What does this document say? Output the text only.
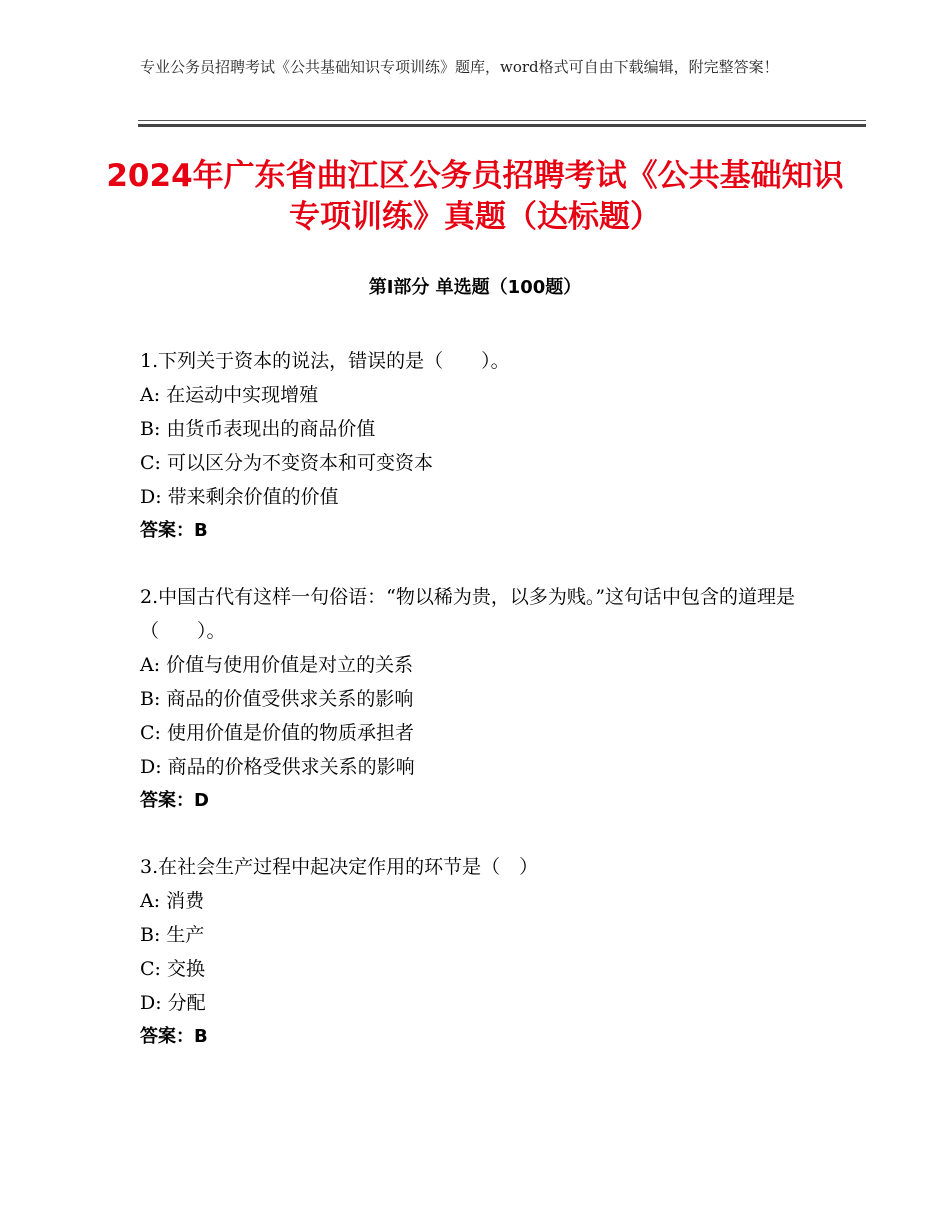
专业公务员招聘考试《公共基础知识专项训练》题库，word格式可自由下载编辑，附完整答案！
2024年广东省曲江区公务员招聘考试《公共基础知识专项训练》真题（达标题）
第Ⅰ部分 单选题（100题）
1.下列关于资本的说法，错误的是（　　）。
A: 在运动中实现增殖
B: 由货币表现出的商品价值
C: 可以区分为不变资本和可变资本
D: 带来剩余价值的价值
答案：B
2.中国古代有这样一句俗语：“物以稀为贵，以多为贱。”这句话中包含的道理是（　　）。
A: 价值与使用价值是对立的关系
B: 商品的价值受供求关系的影响
C: 使用价值是价值的物质承担者
D: 商品的价格受供求关系的影响
答案：D
3.在社会生产过程中起决定作用的环节是（　）
A: 消费
B: 生产
C: 交换
D: 分配
答案：B
